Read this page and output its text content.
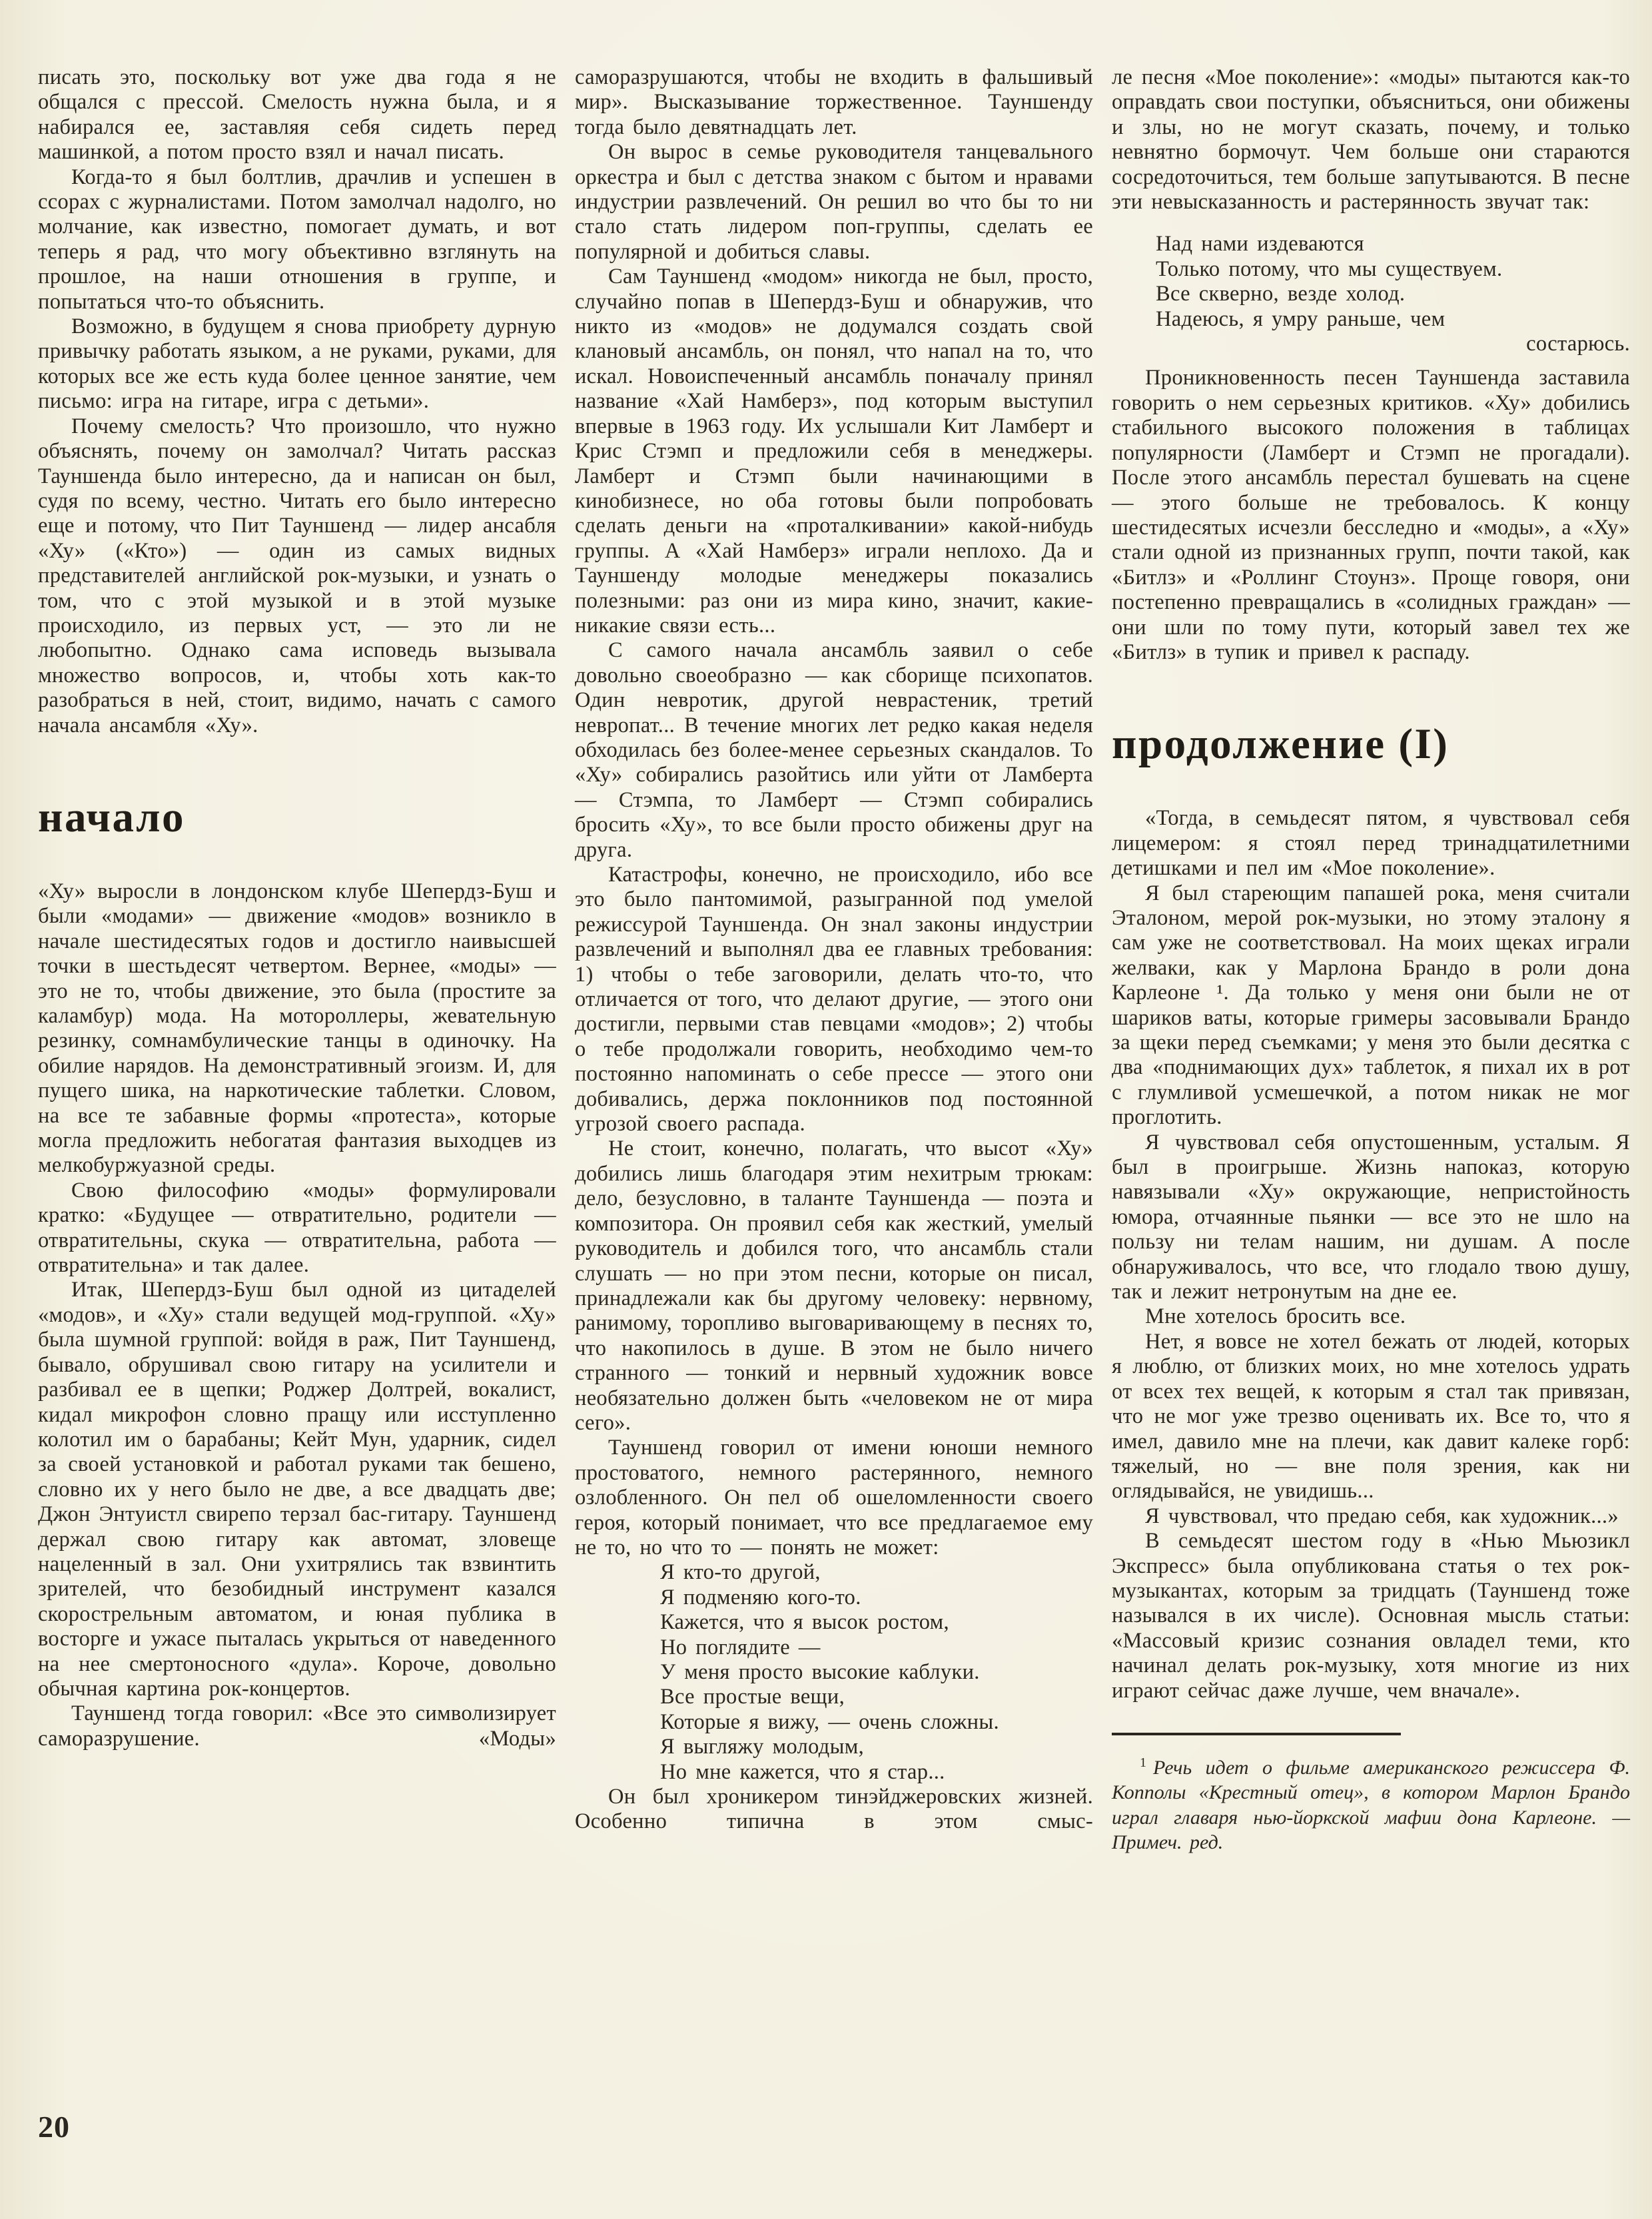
писать это, поскольку вот уже два года я не общался с прессой. Смелость нужна была, и я набирался ее, заставляя себя сидеть перед машинкой, а потом просто взял и начал писать.

Когда-то я был болтлив, драчлив и успешен в ссорах с журналистами. Потом замолчал надолго, но молчание, как известно, помогает думать, и вот теперь я рад, что могу объективно взглянуть на прошлое, на наши отношения в группе, и попытаться что-то объяснить.

Возможно, в будущем я снова приобрету дурную привычку работать языком, а не руками, руками, для которых все же есть куда более ценное занятие, чем письмо: игра на гитаре, игра с детьми».

Почему смелость? Что произошло, что нужно объяснять, почему он замолчал? Читать рассказ Тауншенда было интересно, да и написан он был, судя по всему, честно. Читать его было интересно еще и потому, что Пит Тауншенд — лидер ансабля «Ху» («Кто») — один из самых видных представителей английской рок-музыки, и узнать о том, что с этой музыкой и в этой музыке происходило, из первых уст, — это ли не любопытно. Однако сама исповедь вызывала множество вопросов, и, чтобы хоть как-то разобраться в ней, стоит, видимо, начать с самого начала ансамбля «Ху».

начало

«Ху» выросли в лондонском клубе Шепердз-Буш и были «модами» — движение «модов» возникло в начале шестидесятых годов и достигло наивысшей точки в шестьдесят четвертом. Вернее, «моды» — это не то, чтобы движение, это была (простите за каламбур) мода. На мотороллеры, жевательную резинку, сомнамбулические танцы в одиночку. На обилие нарядов. На демонстративный эгоизм. И, для пущего шика, на наркотические таблетки. Словом, на все те забавные формы «протеста», которые могла предложить небогатая фантазия выходцев из мелкобуржуазной среды.

Свою философию «моды» формулировали кратко: «Будущее — отвратительно, родители — отвратительны, скука — отвратительна, работа — отвратительна» и так далее.

Итак, Шепердз-Буш был одной из цитаделей «модов», и «Ху» стали ведущей мод-группой. «Ху» была шумной группой: войдя в раж, Пит Тауншенд, бывало, обрушивал свою гитару на усилители и разбивал ее в щепки; Роджер Долтрей, вокалист, кидал микрофон словно пращу или исступленно колотил им о барабаны; Кейт Мун, ударник, сидел за своей установкой и работал руками так бешено, словно их у него было не две, а все двадцать две; Джон Энтуистл свирепо терзал бас-гитару. Тауншенд держал свою гитару как автомат, зловеще нацеленный в зал. Они ухитрялись так взвинтить зрителей, что безобидный инструмент казался скорострельным автоматом, и юная публика в восторге и ужасе пыталась укрыться от наведенного на нее смертоносного «дула». Короче, довольно обычная картина рок-концертов.

Тауншенд тогда говорил: «Все это символизирует саморазрушение. «Моды»

саморазрушаются, чтобы не входить в фальшивый мир». Высказывание торжественное. Тауншенду тогда было девятнадцать лет.

Он вырос в семье руководителя танцевального оркестра и был с детства знаком с бытом и нравами индустрии развлечений. Он решил во что бы то ни стало стать лидером поп-группы, сделать ее популярной и добиться славы.

Сам Тауншенд «модом» никогда не был, просто, случайно попав в Шепердз-Буш и обнаружив, что никто из «модов» не додумался создать свой клановый ансамбль, он понял, что напал на то, что искал. Новоиспеченный ансамбль поначалу принял название «Хай Намберз», под которым выступил впервые в 1963 году. Их услышали Кит Ламберт и Крис Стэмп и предложили себя в менеджеры. Ламберт и Стэмп были начинающими в кинобизнесе, но оба готовы были попробовать сделать деньги на «проталкивании» какой-нибудь группы. А «Хай Намберз» играли неплохо. Да и Тауншенду молодые менеджеры показались полезными: раз они из мира кино, значит, какие-никакие связи есть...

С самого начала ансамбль заявил о себе довольно своеобразно — как сборище психопатов. Один невротик, другой неврастеник, третий невропат... В течение многих лет редко какая неделя обходилась без более-менее серьезных скандалов. То «Ху» собирались разойтись или уйти от Ламберта — Стэмпа, то Ламберт — Стэмп собирались бросить «Ху», то все были просто обижены друг на друга.

Катастрофы, конечно, не происходило, ибо все это было пантомимой, разыгранной под умелой режиссурой Тауншенда. Он знал законы индустрии развлечений и выполнял два ее главных требования: 1) чтобы о тебе заговорили, делать что-то, что отличается от того, что делают другие, — этого они достигли, первыми став певцами «модов»; 2) чтобы о тебе продолжали говорить, необходимо чем-то постоянно напоминать о себе прессе — этого они добивались, держа поклонников под постоянной угрозой своего распада.

Не стоит, конечно, полагать, что высот «Ху» добились лишь благодаря этим нехитрым трюкам: дело, безусловно, в таланте Тауншенда — поэта и композитора. Он проявил себя как жесткий, умелый руководитель и добился того, что ансамбль стали слушать — но при этом песни, которые он писал, принадлежали как бы другому человеку: нервному, ранимому, торопливо выговаривающему в песнях то, что накопилось в душе. В этом не было ничего странного — тонкий и нервный художник вовсе необязательно должен быть «человеком не от мира сего».

Тауншенд говорил от имени юноши немного простоватого, немного растерянного, немного озлобленного. Он пел об ошеломленности своего героя, который понимает, что все предлагаемое ему не то, но что то — понять не может:

Я кто-то другой,
Я подменяю кого-то.
Кажется, что я высок ростом,
Но поглядите —
У меня просто высокие каблуки.
Все простые вещи,
Которые я вижу, — очень сложны.
Я выгляжу молодым,
Но мне кажется, что я стар...

Он был хроникером тинэйджеровских жизней. Особенно типична в этом смыс-

ле песня «Мое поколение»: «моды» пытаются как-то оправдать свои поступки, объясниться, они обижены и злы, но не могут сказать, почему, и только невнятно бормочут. Чем больше они стараются сосредоточиться, тем больше запутываются. В песне эти невысказанность и растерянность звучат так:

Над нами издеваются
Только потому, что мы существуем.
Все скверно, везде холод.
Надеюсь, я умру раньше, чем
состарюсь.

Проникновенность песен Тауншенда заставила говорить о нем серьезных критиков. «Ху» добились стабильного высокого положения в таблицах популярности (Ламберт и Стэмп не прогадали). После этого ансамбль перестал бушевать на сцене — этого больше не требовалось. К концу шестидесятых исчезли бесследно и «моды», а «Ху» стали одной из признанных групп, почти такой, как «Битлз» и «Роллинг Стоунз». Проще говоря, они постепенно превращались в «солидных граждан» — они шли по тому пути, который завел тех же «Битлз» в тупик и привел к распаду.

продолжение (I)

«Тогда, в семьдесят пятом, я чувствовал себя лицемером: я стоял перед тринадцатилетними детишками и пел им «Мое поколение».

Я был стареющим папашей рока, меня считали Эталоном, мерой рок-музыки, но этому эталону я сам уже не соответствовал. На моих щеках играли желваки, как у Марлона Брандо в роли дона Карлеоне ¹. Да только у меня они были не от шариков ваты, которые гримеры засовывали Брандо за щеки перед съемками; у меня это были десятка с два «поднимающих дух» таблеток, я пихал их в рот с глумливой усмешечкой, а потом никак не мог проглотить.

Я чувствовал себя опустошенным, усталым. Я был в проигрыше. Жизнь напоказ, которую навязывали «Ху» окружающие, непристойность юмора, отчаянные пьянки — все это не шло на пользу ни телам нашим, ни душам. А после обнаруживалось, что все, что глодало твою душу, так и лежит нетронутым на дне ее.

Мне хотелось бросить все.

Нет, я вовсе не хотел бежать от людей, которых я люблю, от близких моих, но мне хотелось удрать от всех тех вещей, к которым я стал так привязан, что не мог уже трезво оценивать их. Все то, что я имел, давило мне на плечи, как давит калеке горб: тяжелый, но — вне поля зрения, как ни оглядывайся, не увидишь...

Я чувствовал, что предаю себя, как художник...»

В семьдесят шестом году в «Нью Мьюзикл Экспресс» была опубликована статья о тех рок-музыкантах, которым за тридцать (Тауншенд тоже назывался в их числе). Основная мысль статьи: «Массовый кризис сознания овладел теми, кто начинал делать рок-музыку, хотя многие из них играют сейчас даже лучше, чем вначале».

$^1$ Речь идет о фильме американского режиссера Ф. Копполы «Крестный отец», в котором Марлон Брандо играл главаря нью-йоркской мафии дона Карлеоне. — Примеч. ред.

20
